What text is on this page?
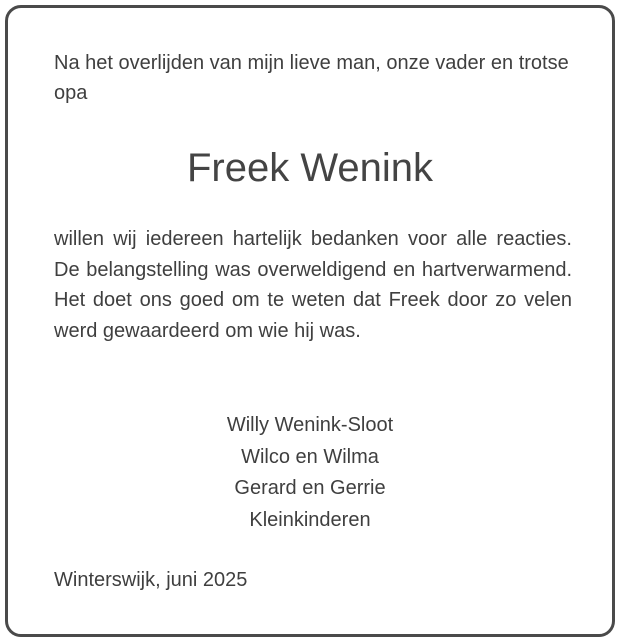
Na het overlijden van mijn lieve man, onze vader en trotse opa

Freek Wenink

willen wij iedereen hartelijk bedanken voor alle reacties. De belangstelling was overweldigend en hartverwarmend. Het doet ons goed om te weten dat Freek door zo velen werd gewaardeerd om wie hij was.

Willy Wenink-Sloot
Wilco en Wilma
Gerard en Gerrie
Kleinkinderen

Winterswijk, juni 2025
